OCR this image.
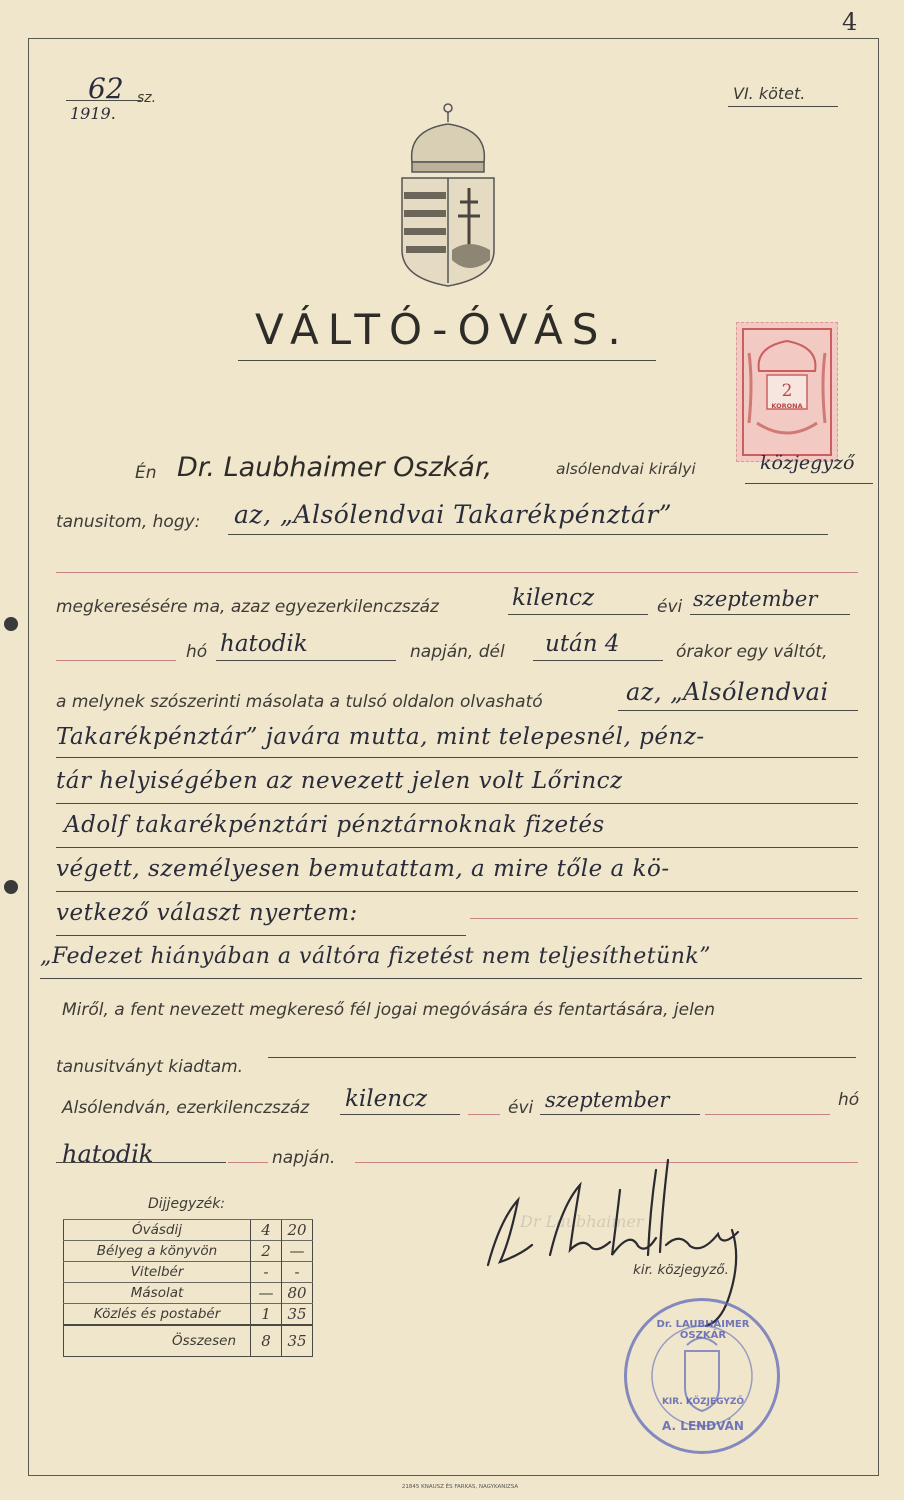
4
62 sz.
1919.
VI. kötet.
VÁLTÓ-ÓVÁS.
2
KORONA
Én Dr. Laubhaimer Oszkár,	alsólendvai királyi	közjegyző
tanusitom, hogy: az, „Alsólendvai Takarékpénztár”
megkeresésére ma, azaz egyezerkilenczszáz	kilencz	évi szeptember
hó hatodik	napján, dél után 4	órakor egy váltót,
a melynek szószerinti másolata a tulsó oldalon olvasható	az, „Alsólendvai
Takarékpénztár” javára mutta, mint telepesnél, pénz-
tár helyiségében az nevezett jelen volt Lőrincz
Adolf takarékpénztári pénztárnoknak fizetés
végett, személyesen bemutattam, a mire tőle a kö-
vetkező választ nyertem:
„Fedezet hiányában a váltóra fizetést nem teljesíthetünk”
Miről, a fent nevezett megkereső fél jogai megóvására és fentartására, jelen
tanusitványt kiadtam.
Alsólendván, ezerkilenczszáz kilencz	évi szeptember	hó
hatodik	napján.
Dijjegyzék:
Óvásdij	4	20
Bélyeg a könyvön	2	—
Vitelbér	-	-
Másolat	—	80
Közlés és postabér	1	35
Összesen	8	35
Dr Laubhaimer
kir. közjegyző.
Dr. LAUBHAIMER OSZKÁR
KIR. KÖZJEGYZŐ
A. LENDVÁN
21845 KNAUSZ ÉS FARKAS, NAGYKANIZSA
